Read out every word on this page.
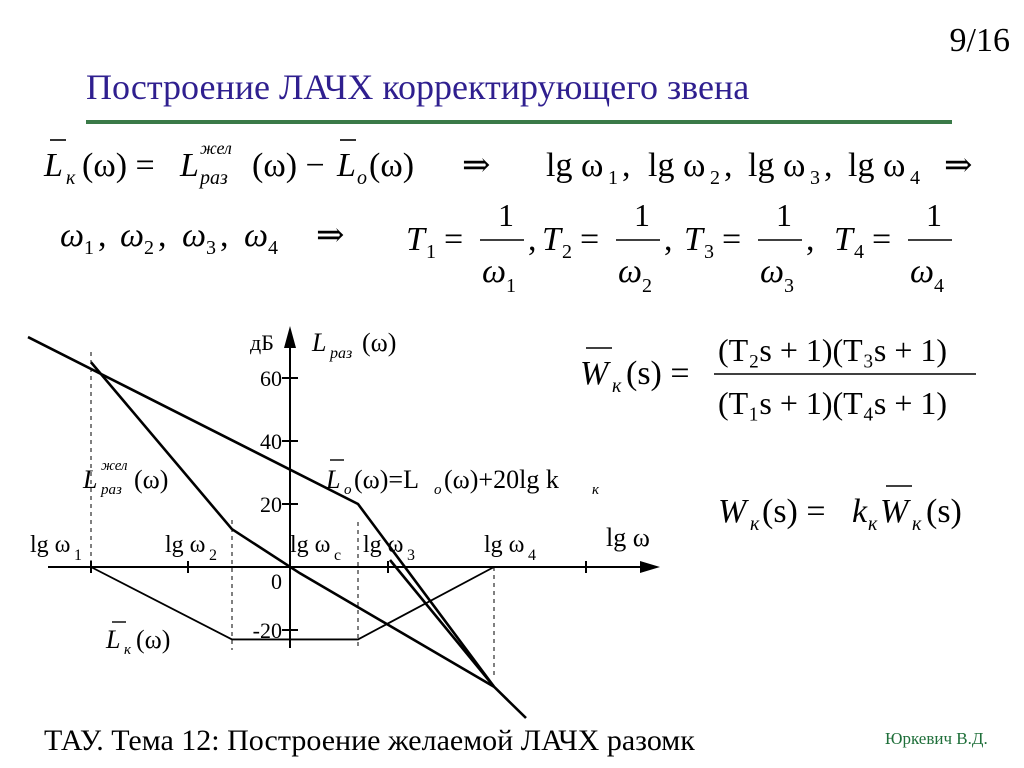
9/16
Построение ЛАЧХ корректирующего звена
L к (ω) = L жел
раз (ω) − L o (ω) ⇒ lg ω 1 , lg ω 2 , lg ω 3 , lg ω 4 ⇒
ω 1 , ω 2 , ω 3 , ω 4 ⇒ T 1 =
1
ω 1
, T 2 =
1
ω 2
, T 3 =
1
ω 3
, T 4 =
1
ω 4
W к (s) =
(T₂s + 1)(T₃s + 1)
(T₁s + 1)(T₄s + 1)
W к (s) = k к W к (s)
дБ L раз (ω)
lg ω
60
40
20
0
-20
lg ω 1	lg ω 2	lg ω c lg ω 3	lg ω 4
L жел
раз (ω)	L o (ω)=L o (ω)+20lg k к
L к (ω)
ТАУ. Тема 12: Построение желаемой ЛАЧХ разомк	Юркевич В.Д.
